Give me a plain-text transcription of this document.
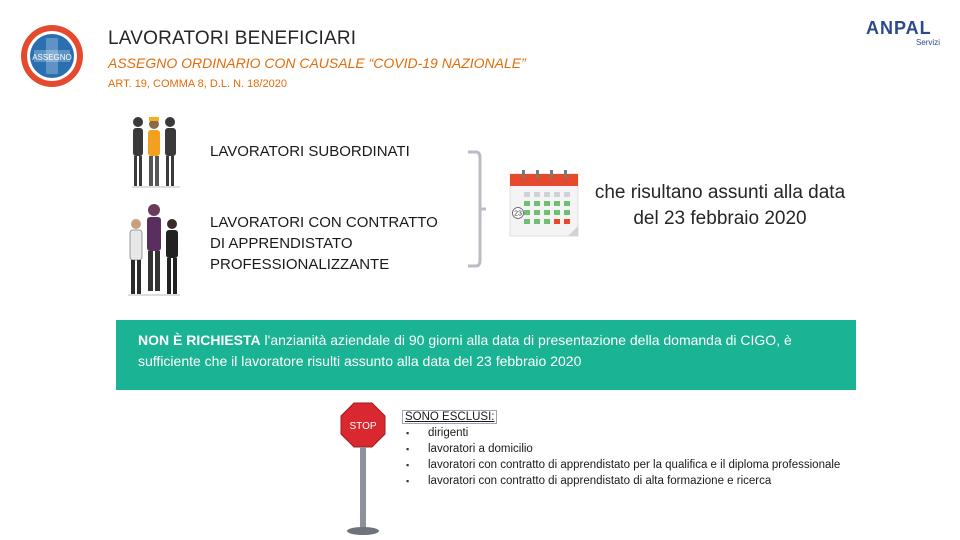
ASSEGNO
LAVORATORI BENEFICIARI
ASSEGNO ORDINARIO CON CAUSALE “COVID-19 NAZIONALE”
ART. 19, COMMA 8, D.L. N. 18/2020
ANPAL
Servizi
LAVORATORI SUBORDINATI
LAVORATORI CON CONTRATTO DI APPRENDISTATO PROFESSIONALIZZANTE
23
che risultano assunti alla data del 23 febbraio 2020

NON È RICHIESTA l'anzianità aziendale di 90 giorni alla data di presentazione della domanda di CIGO, è sufficiente che il lavoratore risulti assunto alla data del 23 febbraio 2020

STOP
SONO ESCLUSI:
▪ dirigenti
▪ lavoratori a domicilio
▪ lavoratori con contratto di apprendistato per la qualifica e il diploma professionale
▪ lavoratori con contratto di apprendistato di alta formazione e ricerca
